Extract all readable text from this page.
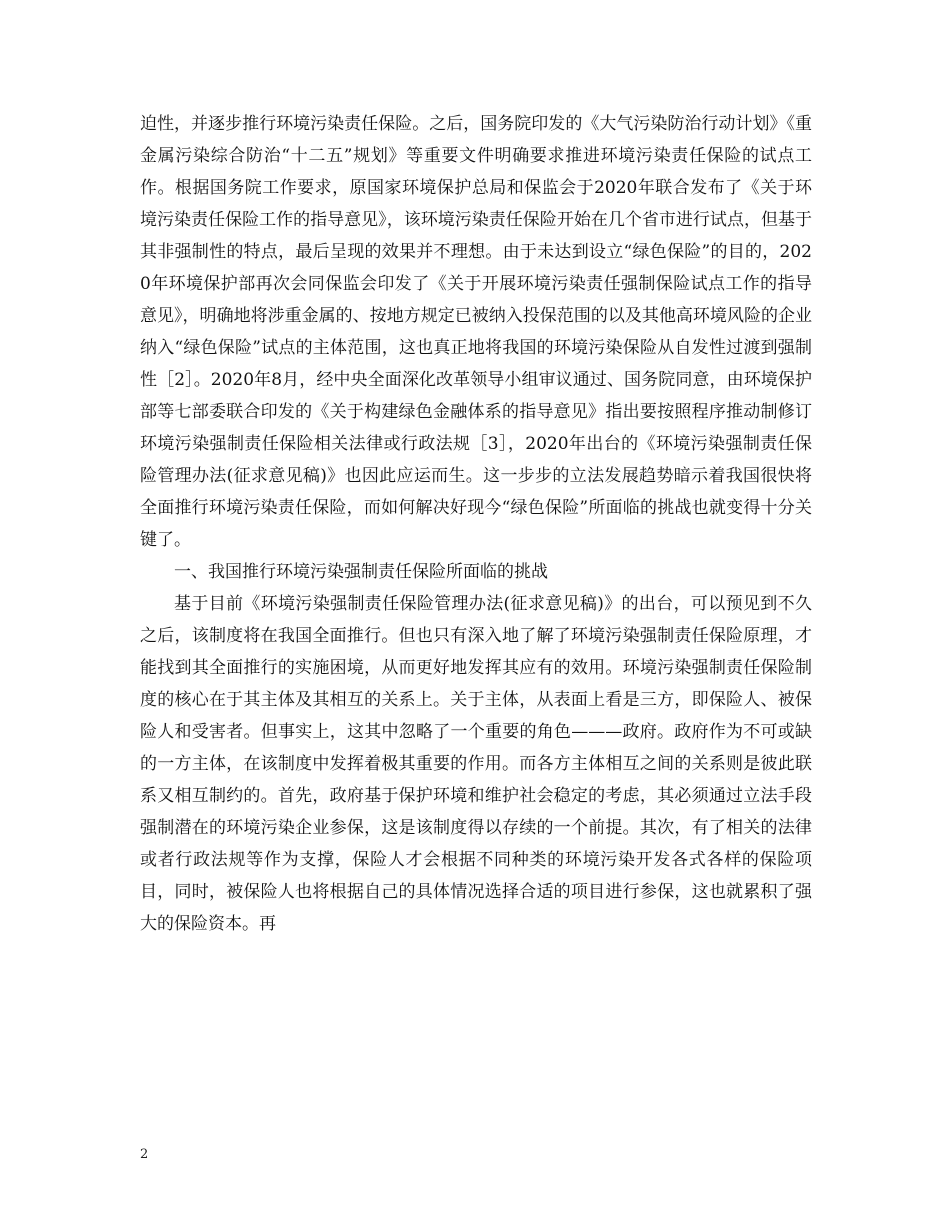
迫性，并逐步推行环境污染责任保险。之后，国务院印发的《大气污染防治行动计划》《重金属污染综合防治“十二五”规划》等重要文件明确要求推进环境污染责任保险的试点工作。根据国务院工作要求，原国家环境保护总局和保监会于2020年联合发布了《关于环境污染责任保险工作的指导意见》，该环境污染责任保险开始在几个省市进行试点，但基于其非强制性的特点，最后呈现的效果并不理想。由于未达到设立“绿色保险”的目的，2020年环境保护部再次会同保监会印发了《关于开展环境污染责任强制保险试点工作的指导意见》，明确地将涉重金属的、按地方规定已被纳入投保范围的以及其他高环境风险的企业纳入“绿色保险”试点的主体范围，这也真正地将我国的环境污染保险从自发性过渡到强制性［2］。2020年8月，经中央全面深化改革领导小组审议通过、国务院同意，由环境保护部等七部委联合印发的《关于构建绿色金融体系的指导意见》指出要按照程序推动制修订环境污染强制责任保险相关法律或行政法规［3］，2020年出台的《环境污染强制责任保险管理办法(征求意见稿)》也因此应运而生。这一步步的立法发展趋势暗示着我国很快将全面推行环境污染责任保险，而如何解决好现今“绿色保险”所面临的挑战也就变得十分关键了。

一、我国推行环境污染强制责任保险所面临的挑战

基于目前《环境污染强制责任保险管理办法(征求意见稿)》的出台，可以预见到不久之后，该制度将在我国全面推行。但也只有深入地了解了环境污染强制责任保险原理，才能找到其全面推行的实施困境，从而更好地发挥其应有的效用。环境污染强制责任保险制度的核心在于其主体及其相互的关系上。关于主体，从表面上看是三方，即保险人、被保险人和受害者。但事实上，这其中忽略了一个重要的角色———政府。政府作为不可或缺的一方主体，在该制度中发挥着极其重要的作用。而各方主体相互之间的关系则是彼此联系又相互制约的。首先，政府基于保护环境和维护社会稳定的考虑，其必须通过立法手段强制潜在的环境污染企业参保，这是该制度得以存续的一个前提。其次，有了相关的法律或者行政法规等作为支撑，保险人才会根据不同种类的环境污染开发各式各样的保险项目，同时，被保险人也将根据自己的具体情况选择合适的项目进行参保，这也就累积了强大的保险资本。再

2
